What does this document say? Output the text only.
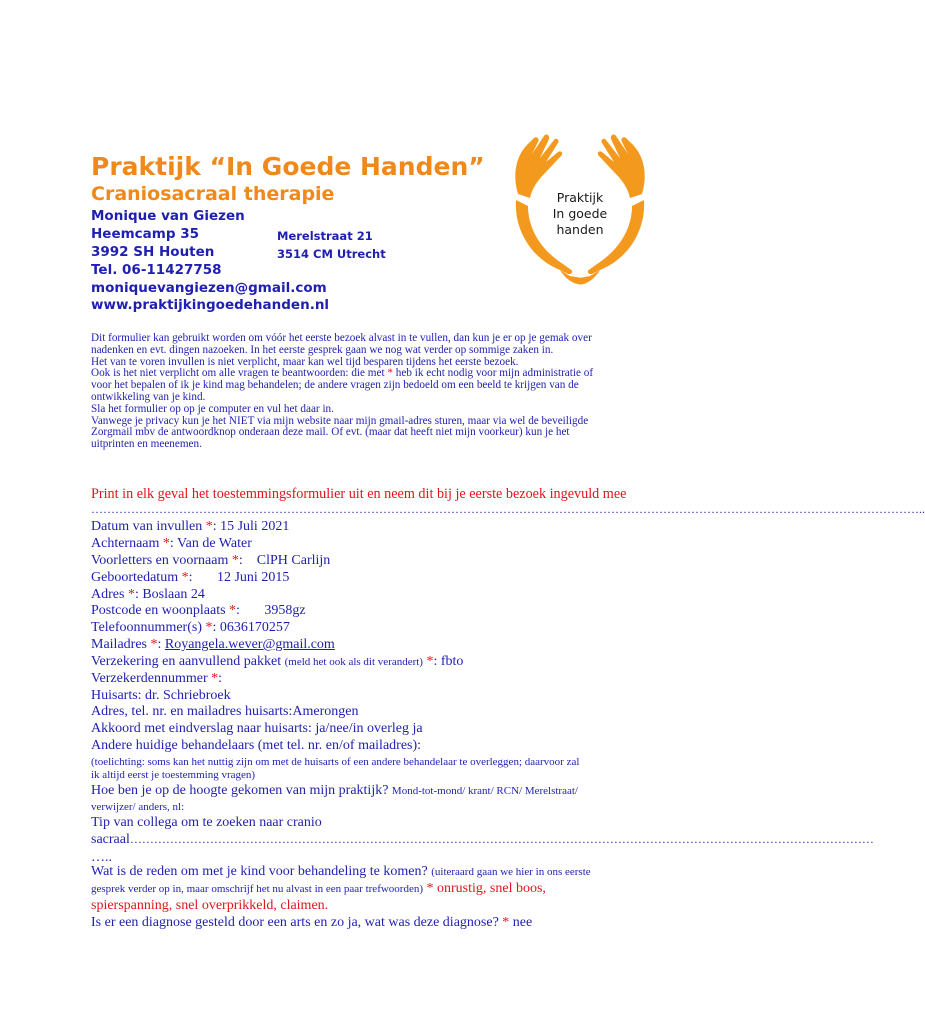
Praktijk “In Goede Handen”
Craniosacraal therapie
Monique van Giezen
Heemcamp 35	Merelstraat 21
3992 SH Houten	3514 CM Utrecht
Tel. 06-11427758
moniquevangiezen@gmail.com
www.praktijkingoedehanden.nl
Praktijk
In goede
handen

Dit formulier kan gebruikt worden om vóór het eerste bezoek alvast in te vullen, dan kun je er op je gemak over

nadenken en evt. dingen nazoeken. In het eerste gesprek gaan we nog wat verder op sommige zaken in.

Het van te voren invullen is niet verplicht, maar kan wel tijd besparen tijdens het eerste bezoek.

Ook is het niet verplicht om alle vragen te beantwoorden: die met * heb ik echt nodig voor mijn administratie of

voor het bepalen of ik je kind mag behandelen; de andere vragen zijn bedoeld om een beeld te krijgen van de

ontwikkeling van je kind.

Sla het formulier op op je computer en vul het daar in.

Vanwege je privacy kun je het NIET via mijn website naar mijn gmail-adres sturen, maar via wel de beveiligde

Zorgmail mbv de antwoordknop onderaan deze mail. Of evt. (maar dat heeft niet mijn voorkeur) kun je het

uitprinten en meenemen.

Print in elk geval het toestemmingsformulier uit en neem dit bij je eerste bezoek ingevuld mee
………………………………………………………………………………………………………………………………………………………………………………………..
Datum van invullen *: 15 Juli 2021
Achternaam *: Van de Water
Voorletters en voornaam *:    ClPH Carlijn
Geboortedatum *:       12 Juni 2015
Adres *: Boslaan 24
Postcode en woonplaats *:       3958gz
Telefoonnummer(s) *: 0636170257
Mailadres *: Royangela.wever@gmail.com
Verzekering en aanvullend pakket (meld het ook als dit verandert) *: fbto
Verzekerdennummer *:
Huisarts: dr. Schriebroek
Adres, tel. nr. en mailadres huisarts:Amerongen
Akkoord met eindverslag naar huisarts: ja/nee/in overleg ja
Andere huidige behandelaars (met tel. nr. en/of mailadres):
(toelichting: soms kan het nuttig zijn om met de huisarts of een andere behandelaar te overleggen; daarvoor zal
ik altijd eerst je toestemming vragen)
Hoe ben je op de hoogte gekomen van mijn praktijk? Mond-tot-mond/ krant/ RCN/ Merelstraat/
verwijzer/ anders, nl:
Tip van collega om te zoeken naar cranio
sacraal……………………………………………………………………………………………………………………………………………………………………
…..
Wat is de reden om met je kind voor behandeling te komen? (uiteraard gaan we hier in ons eerste
gesprek verder op in, maar omschrijf het nu alvast in een paar trefwoorden) * onrustig, snel boos,
spierspanning, snel overprikkeld, claimen.
Is er een diagnose gesteld door een arts en zo ja, wat was deze diagnose? * nee
